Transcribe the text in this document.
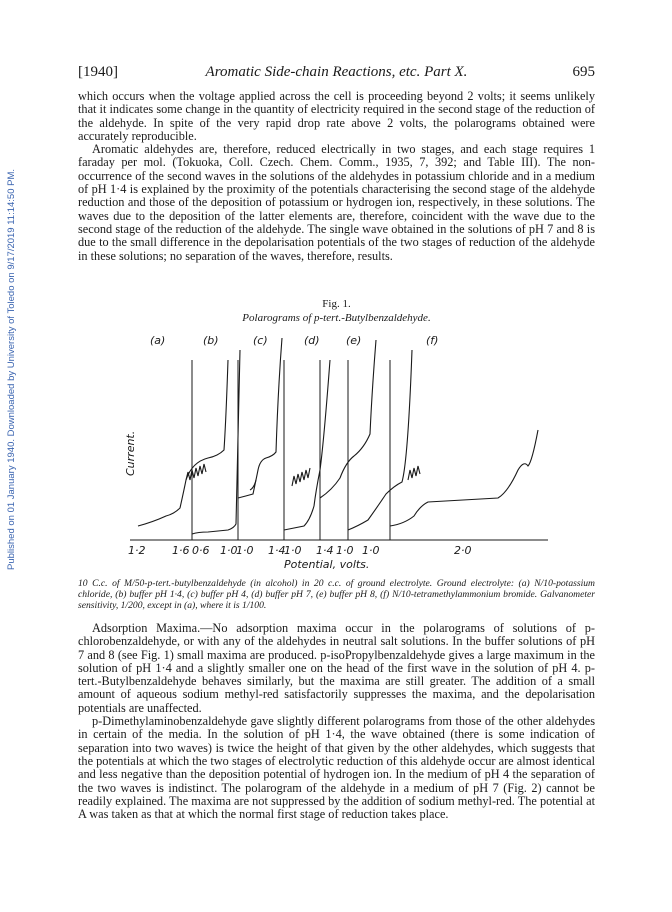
Published on 01 January 1940. Downloaded by University of Toledo on 9/17/2019 11:14:50 PM.
[1940]	Aromatic Side-chain Reactions, etc. Part X.	695

which occurs when the voltage applied across the cell is proceeding beyond 2 volts; it seems unlikely that it indicates some change in the quantity of electricity required in the second stage of the reduction of the aldehyde. In spite of the very rapid drop rate above 2 volts, the polarograms obtained were accurately reproducible.

Aromatic aldehydes are, therefore, reduced electrically in two stages, and each stage requires 1 faraday per mol. (Tokuoka, Coll. Czech. Chem. Comm., 1935, 7, 392; and Table III). The non-occurrence of the second waves in the solutions of the aldehydes in potassium chloride and in a medium of pH 1·4 is explained by the proximity of the potentials characterising the second stage of the aldehyde reduction and those of the deposition of potassium or hydrogen ion, respectively, in these solutions. The waves due to the deposition of the latter elements are, therefore, coincident with the wave due to the second stage of the reduction of the aldehyde. The single wave obtained in the solutions of pH 7 and 8 is due to the small difference in the depolarisation potentials of the two stages of reduction of the aldehyde in these solutions; no separation of the waves, therefore, results.

Fig. 1.
Polarograms of p-tert.-Butylbenzaldehyde.
(a)	(b)	(c)	(d) (e)	(f)
Current.
1·2 1·6 0·6 1·0
1·0 1·4
1·0 1·4 1·0 1·0	2·0
Potential, volts.

10 C.c. of M/50-p-tert.-butylbenzaldehyde (in alcohol) in 20 c.c. of ground electrolyte. Ground electrolyte: (a) N/10-potassium chloride, (b) buffer pH 1·4, (c) buffer pH 4, (d) buffer pH 7, (e) buffer pH 8, (f) N/10-tetramethylammonium bromide. Galvanometer sensitivity, 1/200, except in (a), where it is 1/100.

Adsorption Maxima.—No adsorption maxima occur in the polarograms of solutions of p-chlorobenzaldehyde, or with any of the aldehydes in neutral salt solutions. In the buffer solutions of pH 7 and 8 (see Fig. 1) small maxima are produced. p-isoPropylbenzaldehyde gives a large maximum in the solution of pH 1·4 and a slightly smaller one on the head of the first wave in the solution of pH 4. p-tert.-Butylbenzaldehyde behaves similarly, but the maxima are still greater. The addition of a small amount of aqueous sodium methyl-red satisfactorily suppresses the maxima, and the depolarisation potentials are unaffected.

p-Dimethylaminobenzaldehyde gave slightly different polarograms from those of the other aldehydes in certain of the media. In the solution of pH 1·4, the wave obtained (there is some indication of separation into two waves) is twice the height of that given by the other aldehydes, which suggests that the potentials at which the two stages of electrolytic reduction of this aldehyde occur are almost identical and less negative than the deposition potential of hydrogen ion. In the medium of pH 4 the separation of the two waves is indistinct. The polarogram of the aldehyde in a medium of pH 7 (Fig. 2) cannot be readily explained. The maxima are not suppressed by the addition of sodium methyl-red. The potential at A was taken as that at which the normal first stage of reduction takes place.
